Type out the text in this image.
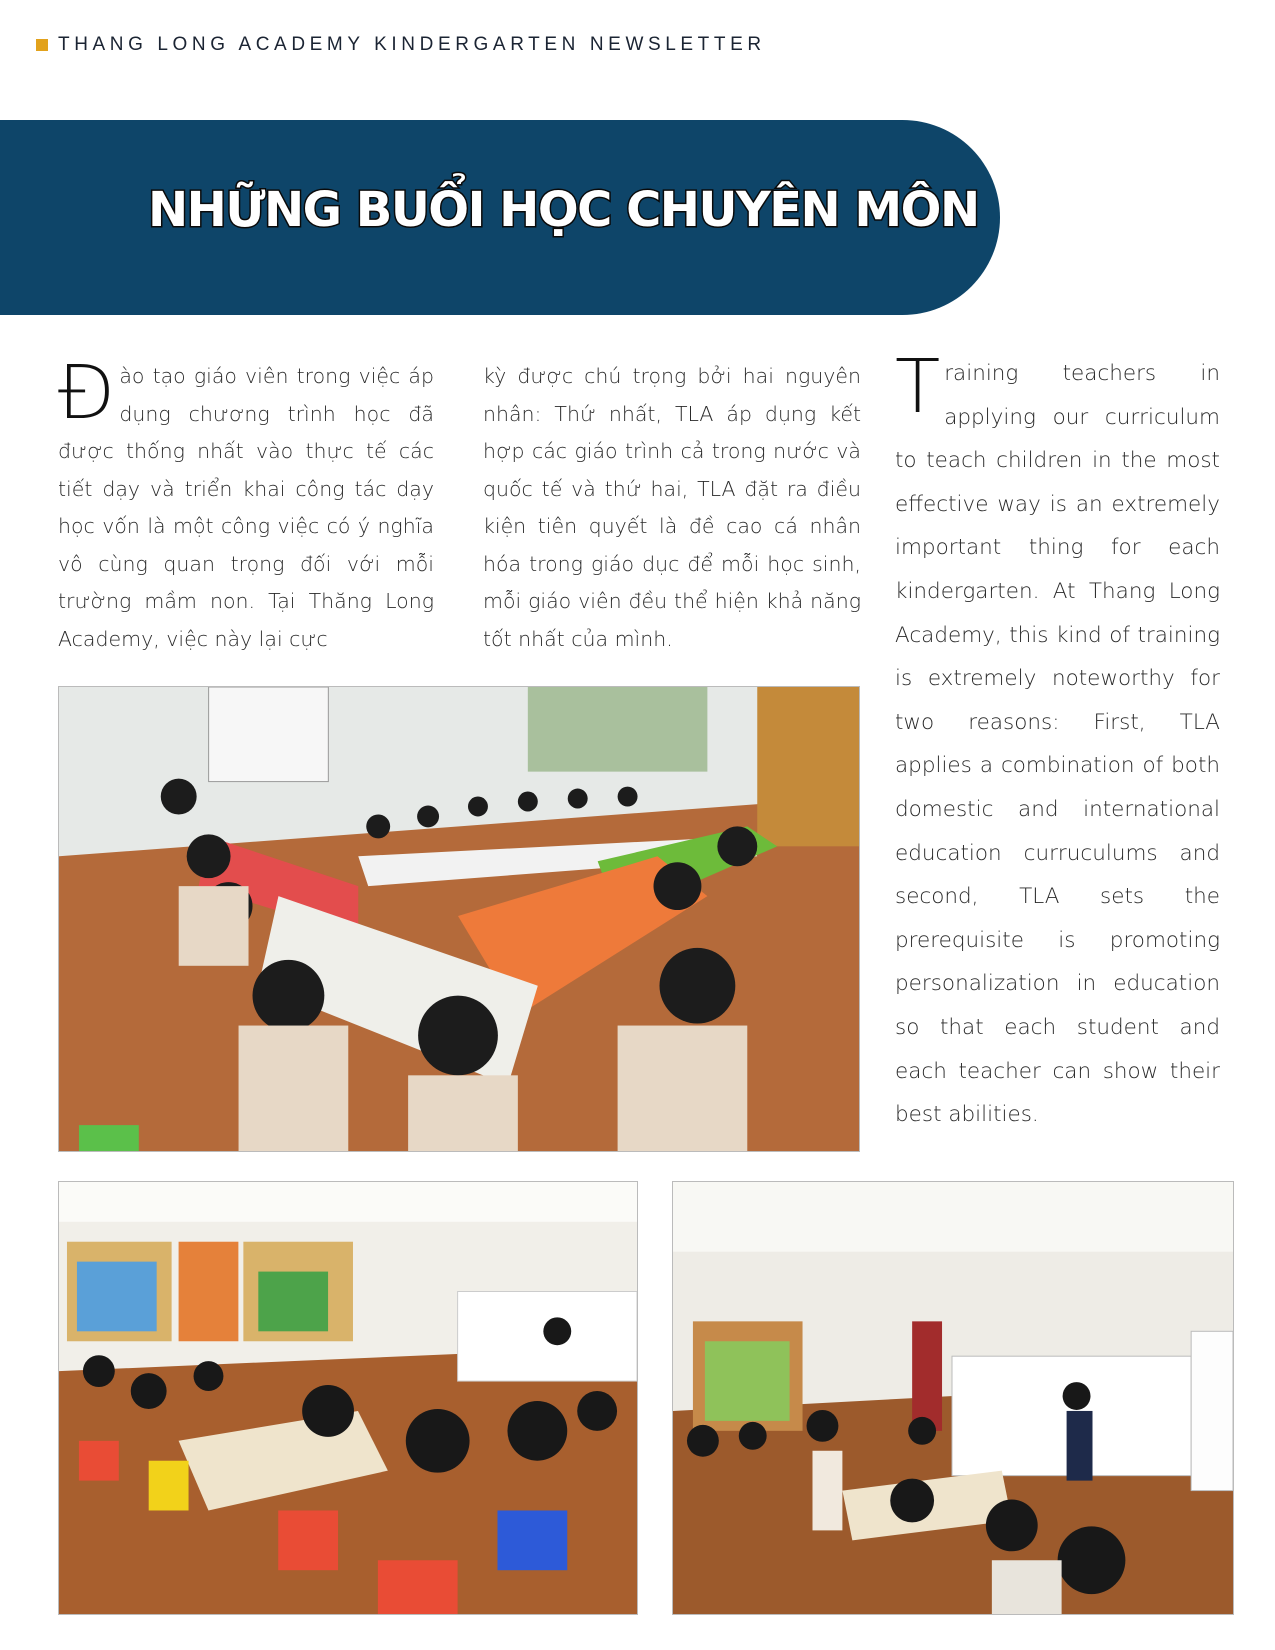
THANG LONG ACADEMY KINDERGARTEN NEWSLETTER
NHỮNG BUỔI HỌC CHUYÊN MÔN
Đào tạo giáo viên trong việc áp dụng chương trình học đã được thống nhất vào thực tế các tiết dạy và triển khai công tác dạy học vốn là một công việc có ý nghĩa vô cùng quan trọng đối với mỗi trường mầm non. Tại Thăng Long Academy, việc này lại cực
kỳ được chú trọng bởi hai nguyên nhân: Thứ nhất, TLA áp dụng kết hợp các giáo trình cả trong nước và quốc tế và thứ hai, TLA đặt ra điều kiện tiên quyết là đề cao cá nhân hóa trong giáo dục để mỗi học sinh, mỗi giáo viên đều thể hiện khả năng tốt nhất của mình.
Training teachers in applying our curriculum to teach children in the most effective way is an extremely important thing for each kindergarten. At Thang Long Academy, this kind of training is extremely noteworthy for two reasons: First, TLA applies a combination of both domestic and international education curruculums and second, TLA sets the prerequisite is promoting personalization in education so that each student and each teacher can show their best abilities.
